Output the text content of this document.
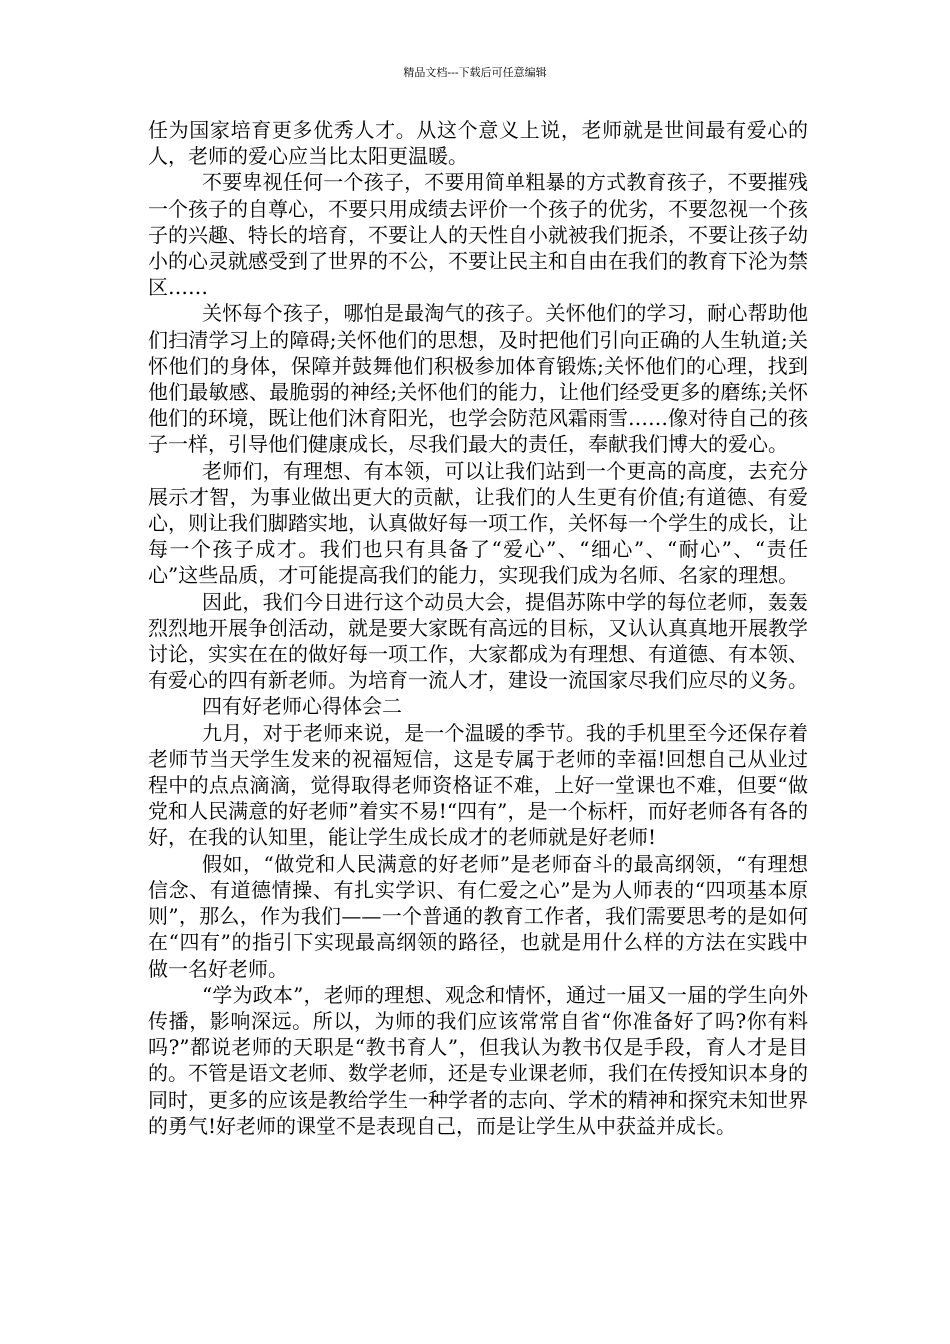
精品文档---下载后可任意编辑

任为国家培育更多优秀人才。从这个意义上说，老师就是世间最有爱心的人，老师的爱心应当比太阳更温暖。

不要卑视任何一个孩子，不要用简单粗暴的方式教育孩子，不要摧残一个孩子的自尊心，不要只用成绩去评价一个孩子的优劣，不要忽视一个孩子的兴趣、特长的培育，不要让人的天性自小就被我们扼杀，不要让孩子幼小的心灵就感受到了世界的不公，不要让民主和自由在我们的教育下沦为禁区……

关怀每个孩子，哪怕是最淘气的孩子。关怀他们的学习，耐心帮助他们扫清学习上的障碍;关怀他们的思想，及时把他们引向正确的人生轨道;关怀他们的身体，保障并鼓舞他们积极参加体育锻炼;关怀他们的心理，找到他们最敏感、最脆弱的神经;关怀他们的能力，让他们经受更多的磨练;关怀他们的环境，既让他们沐育阳光，也学会防范风霜雨雪……像对待自己的孩子一样，引导他们健康成长，尽我们最大的责任，奉献我们博大的爱心。

老师们，有理想、有本领，可以让我们站到一个更高的高度，去充分展示才智，为事业做出更大的贡献，让我们的人生更有价值;有道德、有爱心，则让我们脚踏实地，认真做好每一项工作，关怀每一个学生的成长，让每一个孩子成才。我们也只有具备了“爱心”、“细心”、“耐心”、“责任心”这些品质，才可能提高我们的能力，实现我们成为名师、名家的理想。

因此，我们今日进行这个动员大会，提倡苏陈中学的每位老师，轰轰烈烈地开展争创活动，就是要大家既有高远的目标，又认认真真地开展教学讨论，实实在在的做好每一项工作，大家都成为有理想、有道德、有本领、有爱心的四有新老师。为培育一流人才，建设一流国家尽我们应尽的义务。

四有好老师心得体会二

九月，对于老师来说，是一个温暖的季节。我的手机里至今还保存着老师节当天学生发来的祝福短信，这是专属于老师的幸福!回想自己从业过程中的点点滴滴，觉得取得老师资格证不难，上好一堂课也不难，但要“做党和人民满意的好老师”着实不易!“四有”，是一个标杆，而好老师各有各的好，在我的认知里，能让学生成长成才的老师就是好老师!

假如，“做党和人民满意的好老师”是老师奋斗的最高纲领，“有理想信念、有道德情操、有扎实学识、有仁爱之心”是为人师表的“四项基本原则”，那么，作为我们——一个普通的教育工作者，我们需要思考的是如何在“四有”的指引下实现最高纲领的路径，也就是用什么样的方法在实践中做一名好老师。

“学为政本”，老师的理想、观念和情怀，通过一届又一届的学生向外传播，影响深远。所以，为师的我们应该常常自省“你准备好了吗?你有料吗?”都说老师的天职是“教书育人”，但我认为教书仅是手段，育人才是目的。不管是语文老师、数学老师，还是专业课老师，我们在传授知识本身的同时，更多的应该是教给学生一种学者的志向、学术的精神和探究未知世界的勇气!好老师的课堂不是表现自己，而是让学生从中获益并成长。
